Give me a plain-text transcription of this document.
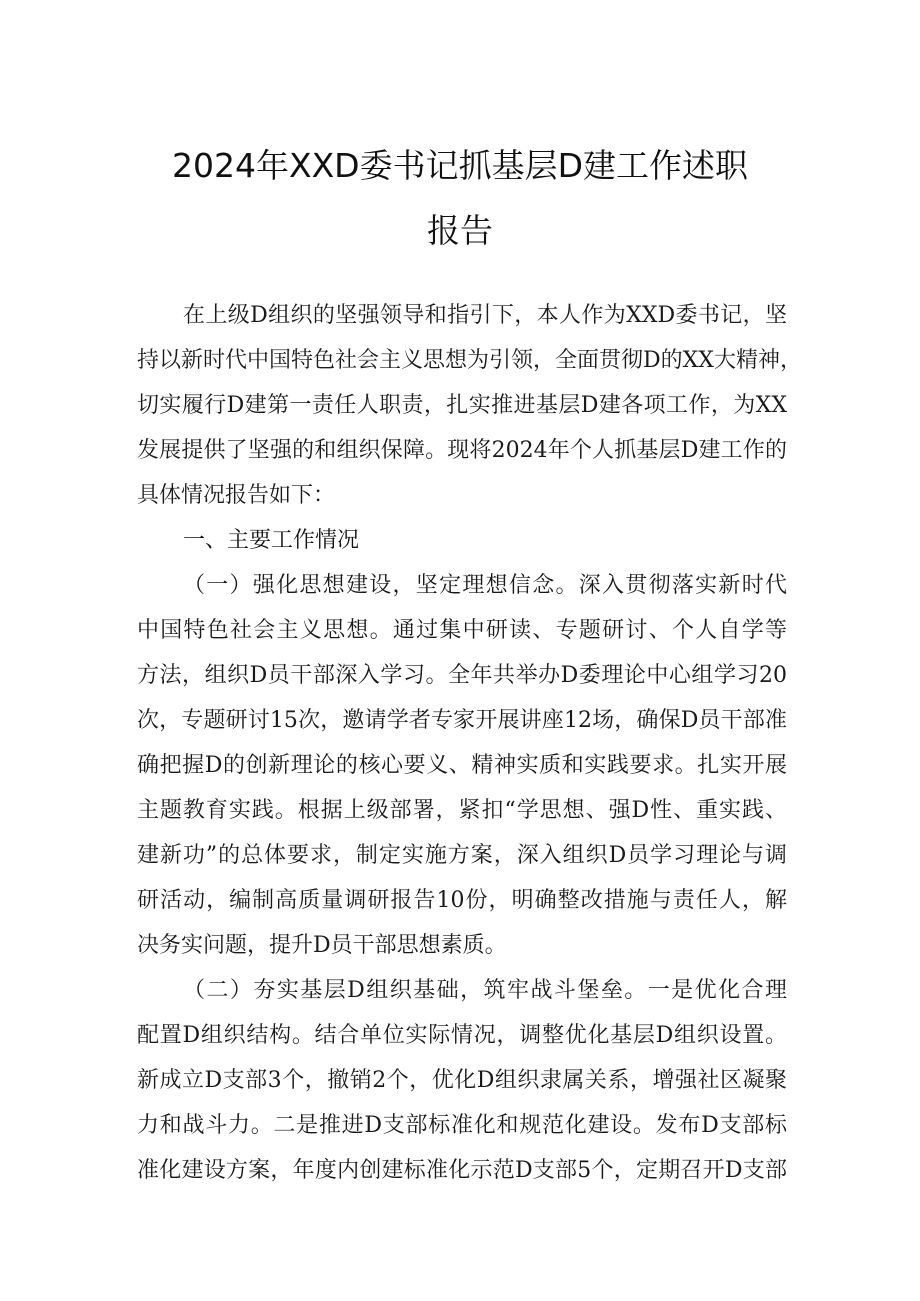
2024年XXD委书记抓基层D建工作述职
报告
在上级D组织的坚强领导和指引下，本人作为XXD委书记，坚
持以新时代中国特色社会主义思想为引领，全面贯彻D的XX大精神，
切实履行D建第一责任人职责，扎实推进基层D建各项工作，为XX
发展提供了坚强的和组织保障。现将2024年个人抓基层D建工作的
具体情况报告如下：
一、主要工作情况
（一）强化思想建设，坚定理想信念。深入贯彻落实新时代
中国特色社会主义思想。通过集中研读、专题研讨、个人自学等
方法，组织D员干部深入学习。全年共举办D委理论中心组学习20
次，专题研讨15次，邀请学者专家开展讲座12场，确保D员干部准
确把握D的创新理论的核心要义、精神实质和实践要求。扎实开展
主题教育实践。根据上级部署，紧扣“学思想、强D性、重实践、
建新功”的总体要求，制定实施方案，深入组织D员学习理论与调
研活动，编制高质量调研报告10份，明确整改措施与责任人，解
决务实问题，提升D员干部思想素质。
（二）夯实基层D组织基础，筑牢战斗堡垒。一是优化合理
配置D组织结构。结合单位实际情况，调整优化基层D组织设置。
新成立D支部3个，撤销2个，优化D组织隶属关系，增强社区凝聚
力和战斗力。二是推进D支部标准化和规范化建设。发布D支部标
准化建设方案，年度内创建标准化示范D支部5个，定期召开D支部
